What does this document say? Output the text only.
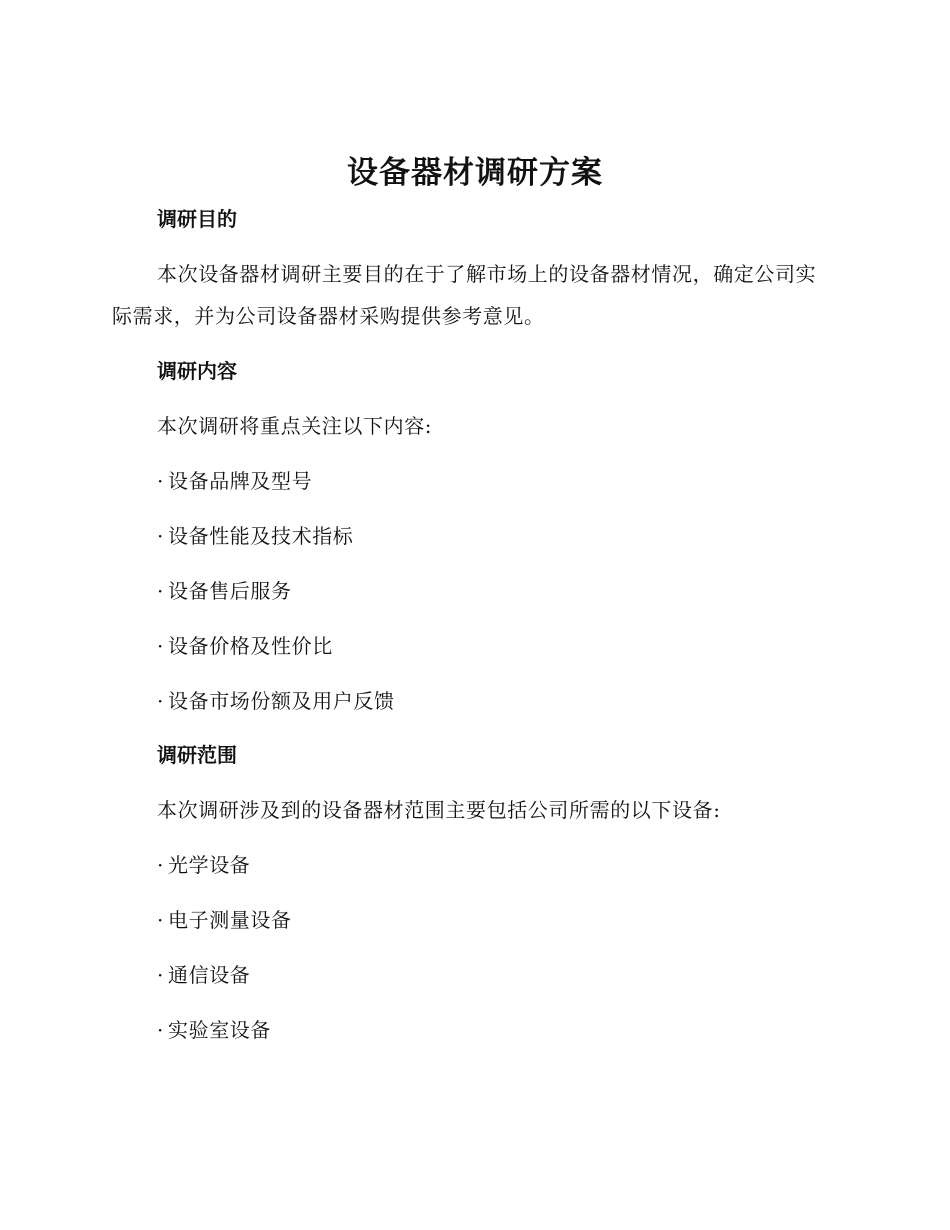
设备器材调研方案
调研目的
本次设备器材调研主要目的在于了解市场上的设备器材情况，确定公司实际需求，并为公司设备器材采购提供参考意见。
调研内容
本次调研将重点关注以下内容:
· 设备品牌及型号
· 设备性能及技术指标
· 设备售后服务
· 设备价格及性价比
· 设备市场份额及用户反馈
调研范围
本次调研涉及到的设备器材范围主要包括公司所需的以下设备:
· 光学设备
· 电子测量设备
· 通信设备
· 实验室设备
